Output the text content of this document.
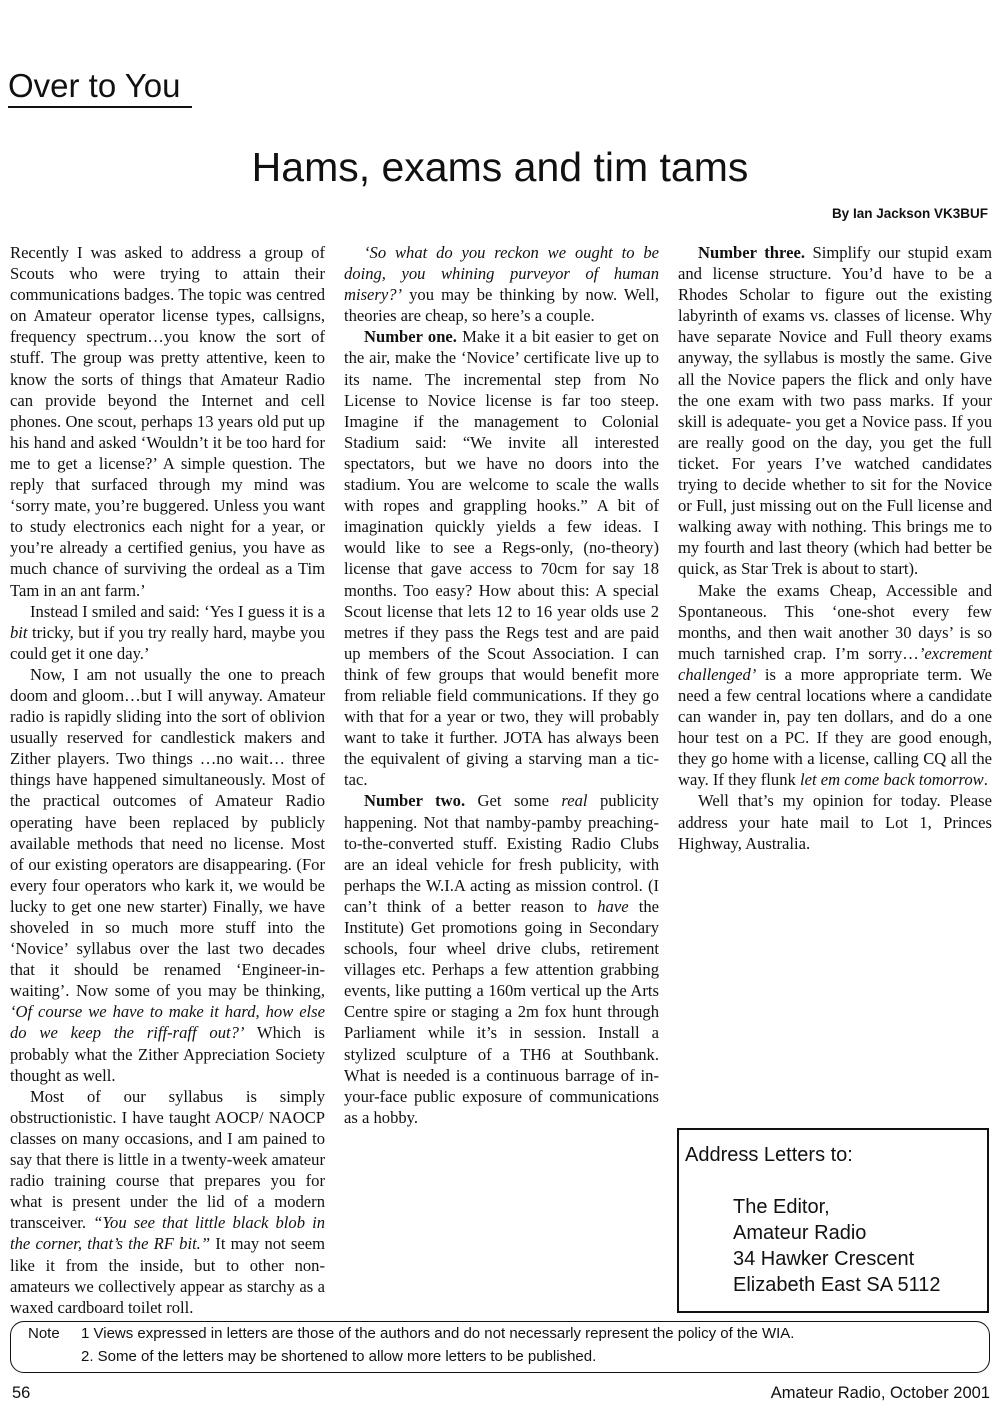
Over to You
Hams, exams and tim tams
By Ian Jackson VK3BUF

Recently I was asked to address a group of Scouts who were trying to attain their communications badges. The topic was centred on Amateur operator license types, callsigns, frequency spectrum…you know the sort of stuff. The group was pretty attentive, keen to know the sorts of things that Amateur Radio can provide beyond the Internet and cell phones. One scout, perhaps 13 years old put up his hand and asked ‘Wouldn’t it be too hard for me to get a license?’ A simple question. The reply that surfaced through my mind was ‘sorry mate, you’re buggered. Unless you want to study electronics each night for a year, or you’re already a certified genius, you have as much chance of surviving the ordeal as a Tim Tam in an ant farm.’

Instead I smiled and said: ‘Yes I guess it is a bit tricky, but if you try really hard, maybe you could get it one day.’

Now, I am not usually the one to preach doom and gloom…but I will anyway. Amateur radio is rapidly sliding into the sort of oblivion usually reserved for candlestick makers and Zither players. Two things …no wait… three things have happened simultaneously. Most of the practical outcomes of Amateur Radio operating have been replaced by publicly available methods that need no license. Most of our existing operators are disappearing. (For every four operators who kark it, we would be lucky to get one new starter) Finally, we have shoveled in so much more stuff into the ‘Novice’ syllabus over the last two decades that it should be renamed ‘Engineer-in-waiting’. Now some of you may be thinking, ‘Of course we have to make it hard, how else do we keep the riff-raff out?’ Which is probably what the Zither Appreciation Society thought as well.

Most of our syllabus is simply obstructionistic. I have taught AOCP/ NAOCP classes on many occasions, and I am pained to say that there is little in a twenty-week amateur radio training course that prepares you for what is present under the lid of a modern transceiver. “You see that little black blob in the corner, that’s the RF bit.” It may not seem like it from the inside, but to other non-amateurs we collectively appear as starchy as a waxed cardboard toilet roll.

‘So what do you reckon we ought to be doing, you whining purveyor of human misery?’ you may be thinking by now. Well, theories are cheap, so here’s a couple.

Number one. Make it a bit easier to get on the air, make the ‘Novice’ certificate live up to its name. The incremental step from No License to Novice license is far too steep. Imagine if the management to Colonial Stadium said: “We invite all interested spectators, but we have no doors into the stadium. You are welcome to scale the walls with ropes and grappling hooks.” A bit of imagination quickly yields a few ideas. I would like to see a Regs-only, (no-theory) license that gave access to 70cm for say 18 months. Too easy? How about this: A special Scout license that lets 12 to 16 year olds use 2 metres if they pass the Regs test and are paid up members of the Scout Association. I can think of few groups that would benefit more from reliable field communications. If they go with that for a year or two, they will probably want to take it further. JOTA has always been the equivalent of giving a starving man a tic-tac.

Number two. Get some real publicity happening. Not that namby-pamby preaching-to-the-converted stuff. Existing Radio Clubs are an ideal vehicle for fresh publicity, with perhaps the W.I.A acting as mission control. (I can’t think of a better reason to have the Institute) Get promotions going in Secondary schools, four wheel drive clubs, retirement villages etc. Perhaps a few attention grabbing events, like putting a 160m vertical up the Arts Centre spire or staging a 2m fox hunt through Parliament while it’s in session. Install a stylized sculpture of a TH6 at Southbank. What is needed is a continuous barrage of in-your-face public exposure of communications as a hobby.

Number three. Simplify our stupid exam and license structure. You’d have to be a Rhodes Scholar to figure out the existing labyrinth of exams vs. classes of license. Why have separate Novice and Full theory exams anyway, the syllabus is mostly the same. Give all the Novice papers the flick and only have the one exam with two pass marks. If your skill is adequate- you get a Novice pass. If you are really good on the day, you get the full ticket. For years I’ve watched candidates trying to decide whether to sit for the Novice or Full, just missing out on the Full license and walking away with nothing. This brings me to my fourth and last theory (which had better be quick, as Star Trek is about to start).

Make the exams Cheap, Accessible and Spontaneous. This ‘one-shot every few months, and then wait another 30 days’ is so much tarnished crap. I’m sorry…’excrement challenged’ is a more appropriate term. We need a few central locations where a candidate can wander in, pay ten dollars, and do a one hour test on a PC. If they are good enough, they go home with a license, calling CQ all the way. If they flunk let em come back tomorrow.

Well that’s my opinion for today. Please address your hate mail to Lot 1, Princes Highway, Australia.

Address Letters to:
The Editor,
Amateur Radio
34 Hawker Crescent
Elizabeth East SA 5112
Note 1 Views expressed in letters are those of the authors and do not necessarly represent the policy of the WIA.
2. Some of the letters may be shortened to allow more letters to be published.
56	Amateur Radio, October 2001
